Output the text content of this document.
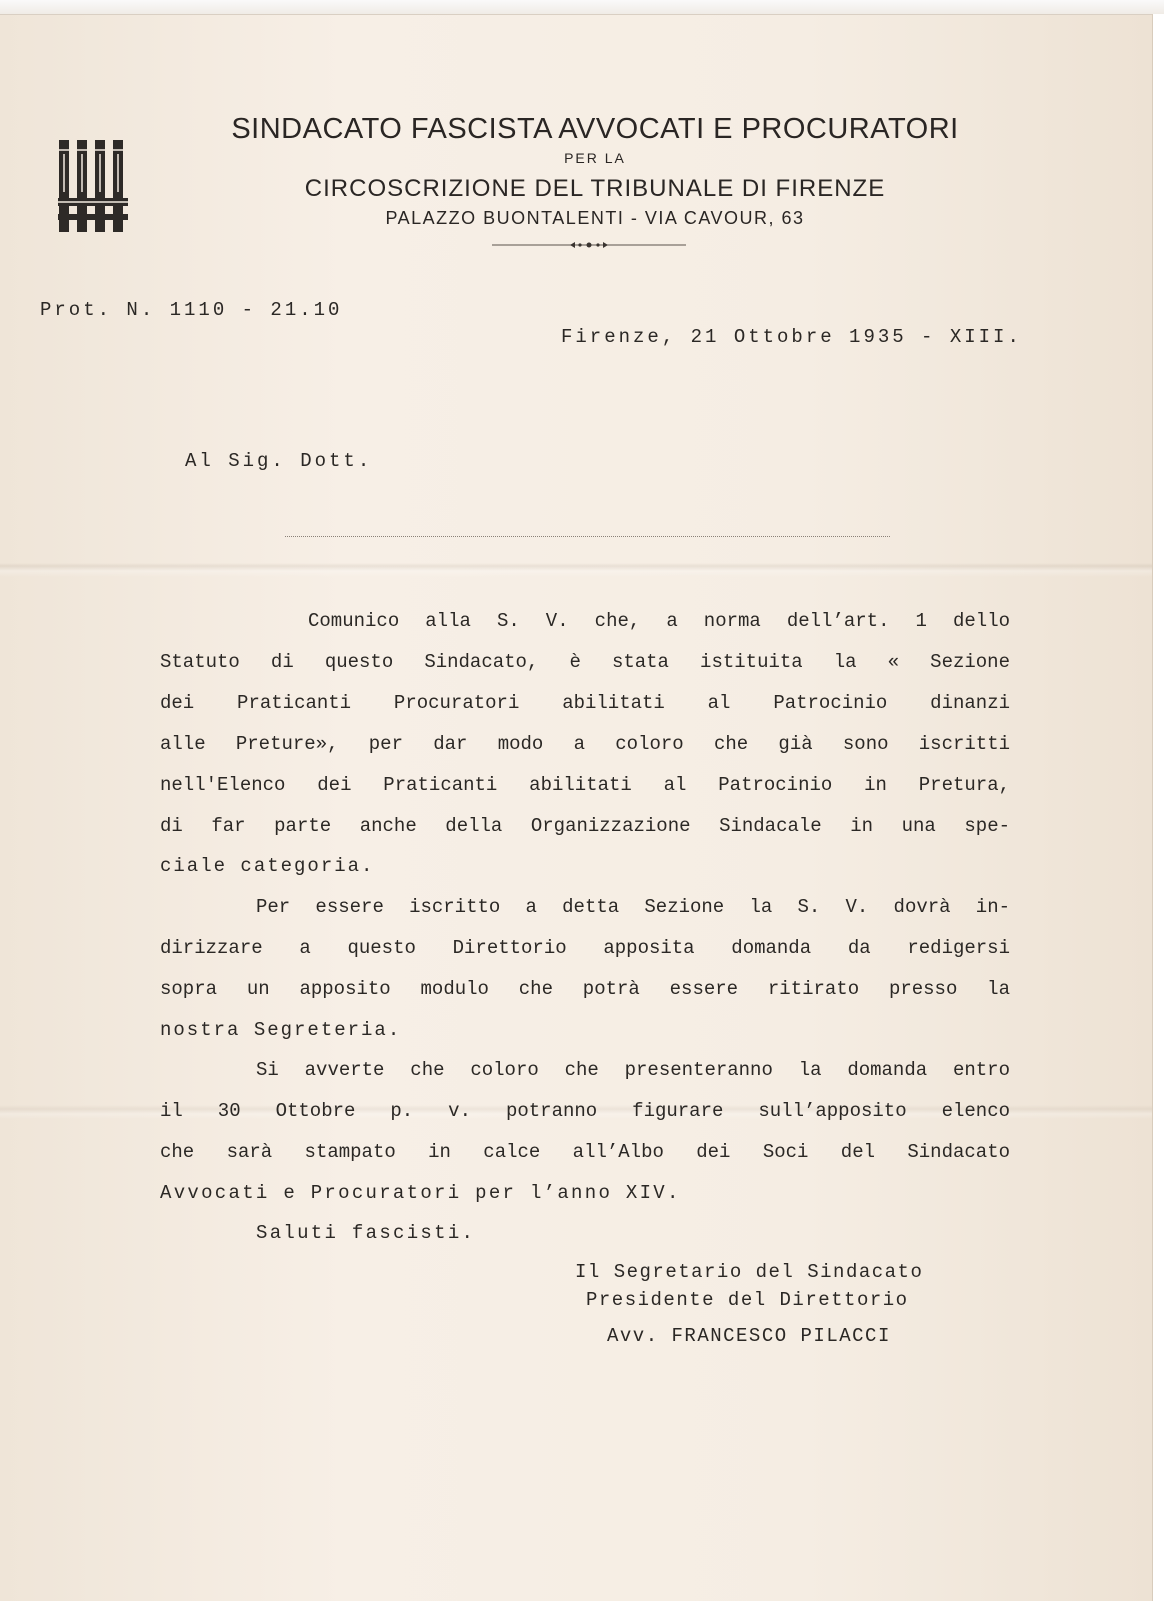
SINDACATO FASCISTA AVVOCATI E PROCURATORI

PER LA

CIRCOSCRIZIONE DEL TRIBUNALE DI FIRENZE

PALAZZO BUONTALENTI - VIA CAVOUR, 63

Prot. N. 1110 - 21.10

Firenze, 21 Ottobre 1935 - XIII.

Al Sig. Dott.

Comunico alla S. V. che, a norma dell’art. 1 dello

Statuto di questo Sindacato, è stata istituita la « Sezione

dei Praticanti Procuratori abilitati al Patrocinio dinanzi

alle Preture», per dar modo a coloro che già sono iscritti

nell'Elenco dei Praticanti abilitati al Patrocinio in Pretura,

di far parte anche della Organizzazione Sindacale in una spe-

ciale categoria.

Per essere iscritto a detta Sezione la S. V. dovrà in-

dirizzare a questo Direttorio apposita domanda da redigersi

sopra un apposito modulo che potrà essere ritirato presso la

nostra Segreteria.

Si avverte che coloro che presenteranno la domanda entro

il 30 Ottobre p. v. potranno figurare sull’apposito elenco

che sarà stampato in calce all’Albo dei Soci del Sindacato

Avvocati e Procuratori per l’anno XIV.

Saluti fascisti.

Il Segretario del Sindacato

Presidente del Direttorio

Avv. FRANCESCO PILACCI
